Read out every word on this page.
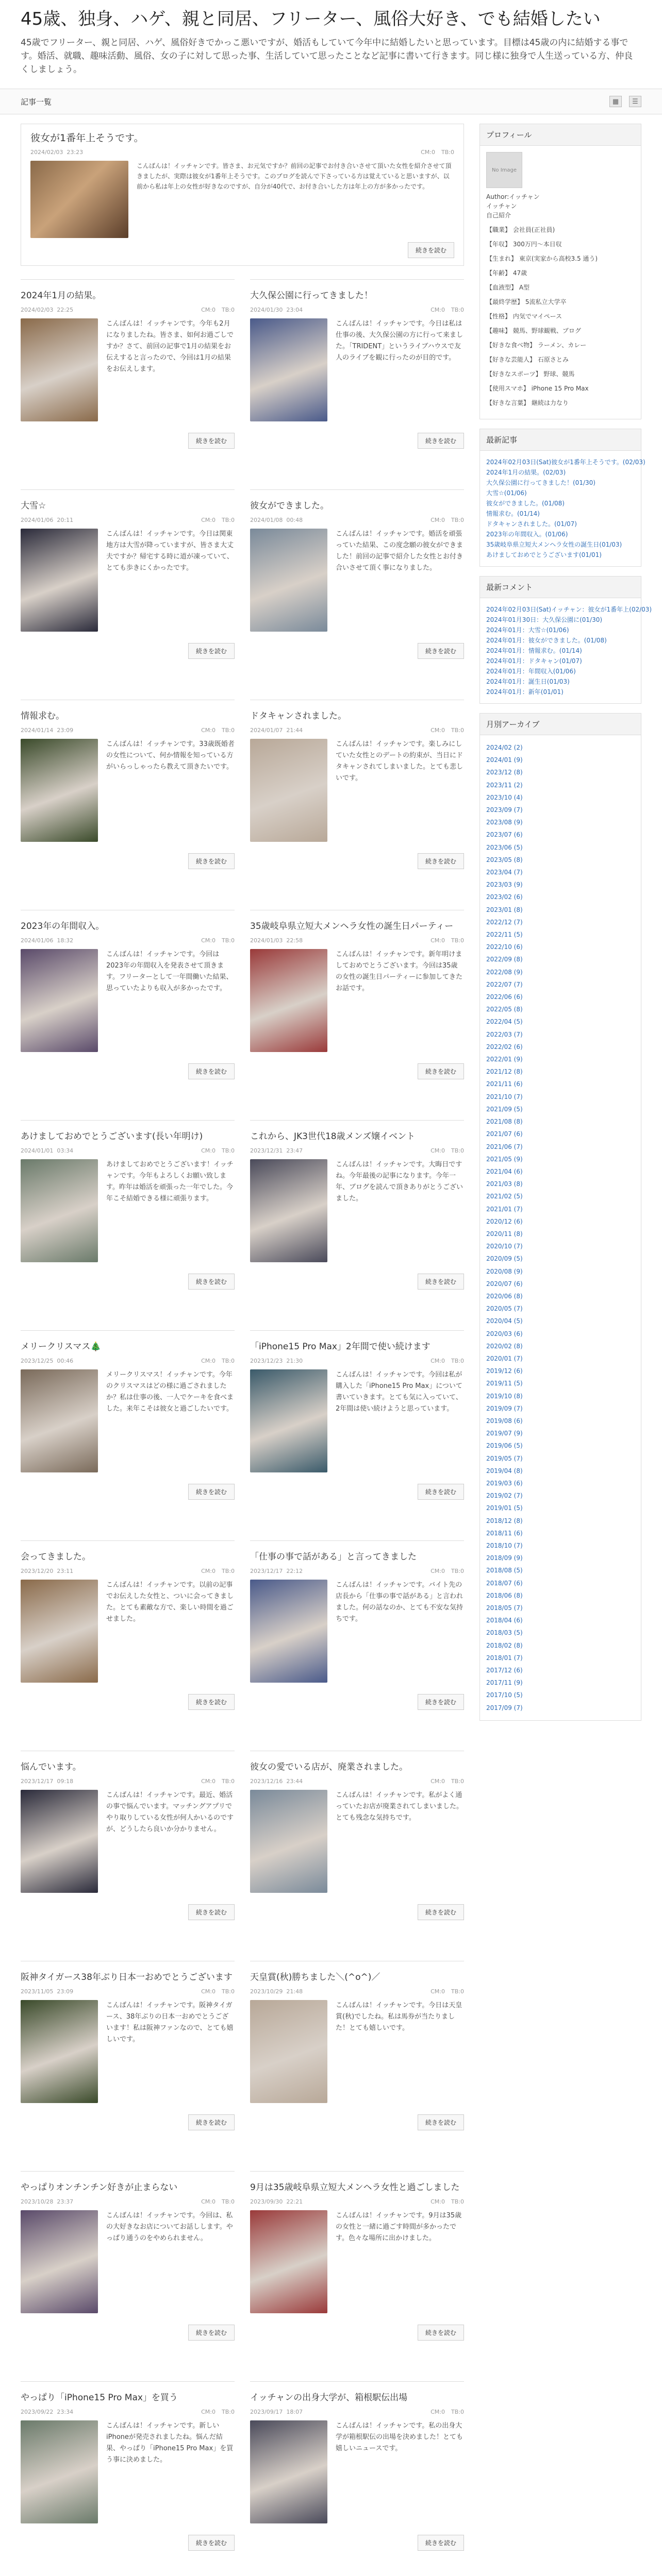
45歳、独身、ハゲ、親と同居、フリーター、風俗大好き、でも結婚したい

45歳でフリーター、親と同居、ハゲ、風俗好きでかっこ悪いですが、婚活もしていて今年中に結婚したいと思っています。目標は45歳の内に結婚する事です。婚活、就職、趣味活動、風俗、女の子に対して思った事、生活していて思ったことなど記事に書いて行きます。同じ様に独身で人生送っている方、仲良くしましょう。

記事一覧	▦	☰
彼女が1番年上そうです。
2024/02/03 23:23	CM:0 TB:0
こんばんは！イッチャンです。皆さま、お元気ですか？前回の記事でお付き合いさせて頂いた女性を紹介させて頂きましたが、実際は彼女が1番年上そうです。このブログを読んで下さっている方は覚えていると思いますが、以前から私は年上の女性が好きなのですが、自分が40代で、お付き合いした方は年上の方が多かったです。
続きを読む
2024年1月の結果。
2024/02/03 22:25	CM:0 TB:0
こんばんは！イッチャンです。今年も2月になりましたね。皆さま、如何お過ごしですか？さて、前回の記事で1月の結果をお伝えすると言ったので、今回は1月の結果をお伝えします。
続きを読む
大久保公園に行ってきました！
2024/01/30 23:04	CM:0 TB:0
こんばんは！イッチャンです。今日は私は仕事の後、大久保公園の方に行って来ました。「TRIDENT」というライブハウスで友人のライブを観に行ったのが目的です。
続きを読む
大雪☆
2024/01/06 20:11	CM:0 TB:0
こんばんは！イッチャンです。今日は関東地方は大雪が降っていますが、皆さま大丈夫ですか？帰宅する時に道が凍っていて、とても歩きにくかったです。
続きを読む
彼女ができました。
2024/01/08 00:48	CM:0 TB:0
こんばんは！イッチャンです。婚活を頑張っていた結果、この度念願の彼女ができました！前回の記事で紹介した女性とお付き合いさせて頂く事になりました。
続きを読む
情報求む。
2024/01/14 23:09	CM:0 TB:0
こんばんは！イッチャンです。33歳既婚者の女性について、何か情報を知っている方がいらっしゃったら教えて頂きたいです。
続きを読む
ドタキャンされました。
2024/01/07 21:44	CM:0 TB:0
こんばんは！イッチャンです。楽しみにしていた女性とのデートの約束が、当日にドタキャンされてしまいました。とても悲しいです。
続きを読む
2023年の年間収入。
2024/01/06 18:32	CM:0 TB:0
こんばんは！イッチャンです。今回は2023年の年間収入を発表させて頂きます。フリーターとして一年間働いた結果、思っていたよりも収入が多かったです。
続きを読む
35歳岐阜県立短大メンヘラ女性の誕生日パーティー
2024/01/03 22:58	CM:0 TB:0
こんばんは！イッチャンです。新年明けましておめでとうございます。今回は35歳の女性の誕生日パーティーに参加してきたお話です。
続きを読む
あけましておめでとうございます(長い年明け)
2024/01/01 03:34	CM:0 TB:0
あけましておめでとうございます！イッチャンです。今年もよろしくお願い致します。昨年は婚活を頑張った一年でした。今年こそ結婚できる様に頑張ります。
続きを読む
これから、JK3世代18歳メンズ嬢イベント
2023/12/31 23:47	CM:0 TB:0
こんばんは！イッチャンです。大晦日ですね。今年最後の記事になります。今年一年、ブログを読んで頂きありがとうございました。
続きを読む
メリークリスマス🎄
2023/12/25 00:46	CM:0 TB:0
メリークリスマス！イッチャンです。今年のクリスマスはどの様に過ごされましたか？私は仕事の後、一人でケーキを食べました。来年こそは彼女と過ごしたいです。
続きを読む
「iPhone15 Pro Max」2年間で使い続けます
2023/12/23 21:30	CM:0 TB:0
こんばんは！イッチャンです。今回は私が購入した「iPhone15 Pro Max」について書いていきます。とても気に入っていて、2年間は使い続けようと思っています。
続きを読む
会ってきました。
2023/12/20 23:11	CM:0 TB:0
こんばんは！イッチャンです。以前の記事でお伝えした女性と、ついに会ってきました。とても素敵な方で、楽しい時間を過ごせました。
続きを読む
「仕事の事で話がある」と言ってきました
2023/12/17 22:12	CM:0 TB:0
こんばんは！イッチャンです。バイト先の店長から「仕事の事で話がある」と言われました。何の話なのか、とても不安な気持ちです。
続きを読む
悩んでいます。
2023/12/17 09:18	CM:0 TB:0
こんばんは！イッチャンです。最近、婚活の事で悩んでいます。マッチングアプリでやり取りしている女性が何人かいるのですが、どうしたら良いか分かりません。
続きを読む
彼女の愛でいる店が、廃業されました。
2023/12/16 23:44	CM:0 TB:0
こんばんは！イッチャンです。私がよく通っていたお店が廃業されてしまいました。とても残念な気持ちです。
続きを読む
阪神タイガース38年ぶり日本一おめでとうございます
2023/11/05 23:09	CM:0 TB:0
こんばんは！イッチャンです。阪神タイガース、38年ぶりの日本一おめでとうございます！私は阪神ファンなので、とても嬉しいです。
続きを読む
天皇賞(秋)勝ちました＼(^o^)／
2023/10/29 21:48	CM:0 TB:0
こんばんは！イッチャンです。今日は天皇賞(秋)でしたね。私は馬券が当たりました！とても嬉しいです。
続きを読む
やっぱりオンチンチン好きが止まらない
2023/10/28 23:37	CM:0 TB:0
こんばんは！イッチャンです。今回は、私の大好きなお店についてお話しします。やっぱり通うのをやめられません。
続きを読む
9月は35歳岐阜県立短大メンヘラ女性と過ごしました
2023/09/30 22:21	CM:0 TB:0
こんばんは！イッチャンです。9月は35歳の女性と一緒に過ごす時間が多かったです。色々な場所に出かけました。
続きを読む
やっぱり「iPhone15 Pro Max」を買う
2023/09/22 23:34	CM:0 TB:0
こんばんは！イッチャンです。新しいiPhoneが発売されましたね。悩んだ結果、やっぱり「iPhone15 Pro Max」を買う事に決めました。
続きを読む
イッチャンの出身大学が、箱根駅伝出場
2023/09/17 18:07	CM:0 TB:0
こんばんは！イッチャンです。私の出身大学が箱根駅伝の出場を決めました！とても嬉しいニュースです。
続きを読む

プロフィール
No Image
Author:イッチャン
イッチャン
自己紹介
【職業】 会社員(正社員)
【年収】 300万円〜本日収
【生まれ】 東京(実家から高校3.5 通う)
【年齢】 47歳
【血液型】 A型
【最終学歴】 5流私立大学卒
【性格】 内気でマイペース
【趣味】 競馬、野球観戦、ブログ
【好きな食べ物】 ラーメン、カレー
【好きな芸能人】 石原さとみ
【好きなスポーツ】 野球、競馬
【使用スマホ】 iPhone 15 Pro Max
【好きな言葉】 継続は力なり
最新記事
2024年02月03日(Sat)彼女が1番年上そうです。(02/03)
2024年1月の結果。(02/03)
大久保公園に行ってきました！(01/30)
大雪☆(01/06)
彼女ができました。(01/08)
情報求む。(01/14)
ドタキャンされました。(01/07)
2023年の年間収入。(01/06)
35歳岐阜県立短大メンヘラ女性の誕生日(01/03)
あけましておめでとうございます(01/01)
最新コメント
2024年02月03日(Sat)イッチャン：彼女が1番年上(02/03)
2024年01月30日：大久保公園に(01/30)
2024年01月：大雪☆(01/06)
2024年01月：彼女ができました。(01/08)
2024年01月：情報求む。(01/14)
2024年01月：ドタキャン(01/07)
2024年01月：年間収入(01/06)
2024年01月：誕生日(01/03)
2024年01月：新年(01/01)
月別アーカイブ
2024/02 (2)
2024/01 (9)
2023/12 (8)
2023/11 (2)
2023/10 (4)
2023/09 (7)
2023/08 (9)
2023/07 (6)
2023/06 (5)
2023/05 (8)
2023/04 (7)
2023/03 (9)
2023/02 (6)
2023/01 (8)
2022/12 (7)
2022/11 (5)
2022/10 (6)
2022/09 (8)
2022/08 (9)
2022/07 (7)
2022/06 (6)
2022/05 (8)
2022/04 (5)
2022/03 (7)
2022/02 (6)
2022/01 (9)
2021/12 (8)
2021/11 (6)
2021/10 (7)
2021/09 (5)
2021/08 (8)
2021/07 (6)
2021/06 (7)
2021/05 (9)
2021/04 (6)
2021/03 (8)
2021/02 (5)
2021/01 (7)
2020/12 (6)
2020/11 (8)
2020/10 (7)
2020/09 (5)
2020/08 (9)
2020/07 (6)
2020/06 (8)
2020/05 (7)
2020/04 (5)
2020/03 (6)
2020/02 (8)
2020/01 (7)
2019/12 (6)
2019/11 (5)
2019/10 (8)
2019/09 (7)
2019/08 (6)
2019/07 (9)
2019/06 (5)
2019/05 (7)
2019/04 (8)
2019/03 (6)
2019/02 (7)
2019/01 (5)
2018/12 (8)
2018/11 (6)
2018/10 (7)
2018/09 (9)
2018/08 (5)
2018/07 (6)
2018/06 (8)
2018/05 (7)
2018/04 (6)
2018/03 (5)
2018/02 (8)
2018/01 (7)
2017/12 (6)
2017/11 (9)
2017/10 (5)
2017/09 (7)
